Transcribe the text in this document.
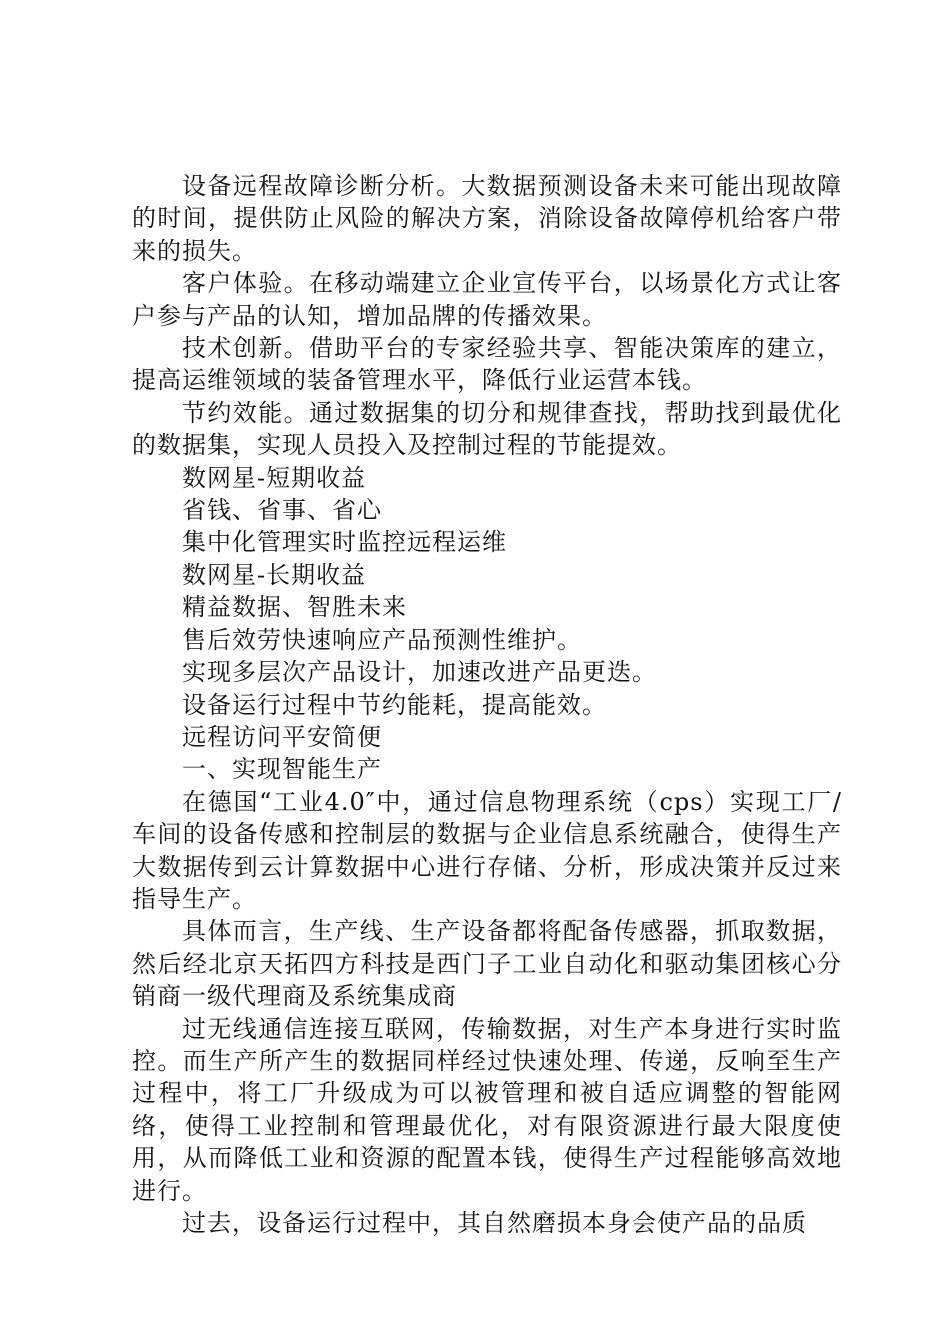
设备远程故障诊断分析。大数据预测设备未来可能出现故障的时间，提供防止风险的解决方案，消除设备故障停机给客户带来的损失。

客户体验。在移动端建立企业宣传平台，以场景化方式让客户参与产品的认知，增加品牌的传播效果。

技术创新。借助平台的专家经验共享、智能决策库的建立，提高运维领域的装备管理水平，降低行业运营本钱。

节约效能。通过数据集的切分和规律查找，帮助找到最优化的数据集，实现人员投入及控制过程的节能提效。

数网星-短期收益

省钱、省事、省心

集中化管理实时监控远程运维

数网星-长期收益

精益数据、智胜未来

售后效劳快速响应产品预测性维护。

实现多层次产品设计，加速改进产品更迭。

设备运行过程中节约能耗，提高能效。

远程访问平安简便

一、实现智能生产

在德国“工业4.0″中，通过信息物理系统（cps）实现工厂/车间的设备传感和控制层的数据与企业信息系统融合，使得生产大数据传到云计算数据中心进行存储、分析，形成决策并反过来指导生产。

具体而言，生产线、生产设备都将配备传感器，抓取数据，然后经北京天拓四方科技是西门子工业自动化和驱动集团核心分销商一级代理商及系统集成商

过无线通信连接互联网，传输数据，对生产本身进行实时监控。而生产所产生的数据同样经过快速处理、传递，反响至生产过程中，将工厂升级成为可以被管理和被自适应调整的智能网络，使得工业控制和管理最优化，对有限资源进行最大限度使用，从而降低工业和资源的配置本钱，使得生产过程能够高效地进行。

过去，设备运行过程中，其自然磨损本身会使产品的品质
